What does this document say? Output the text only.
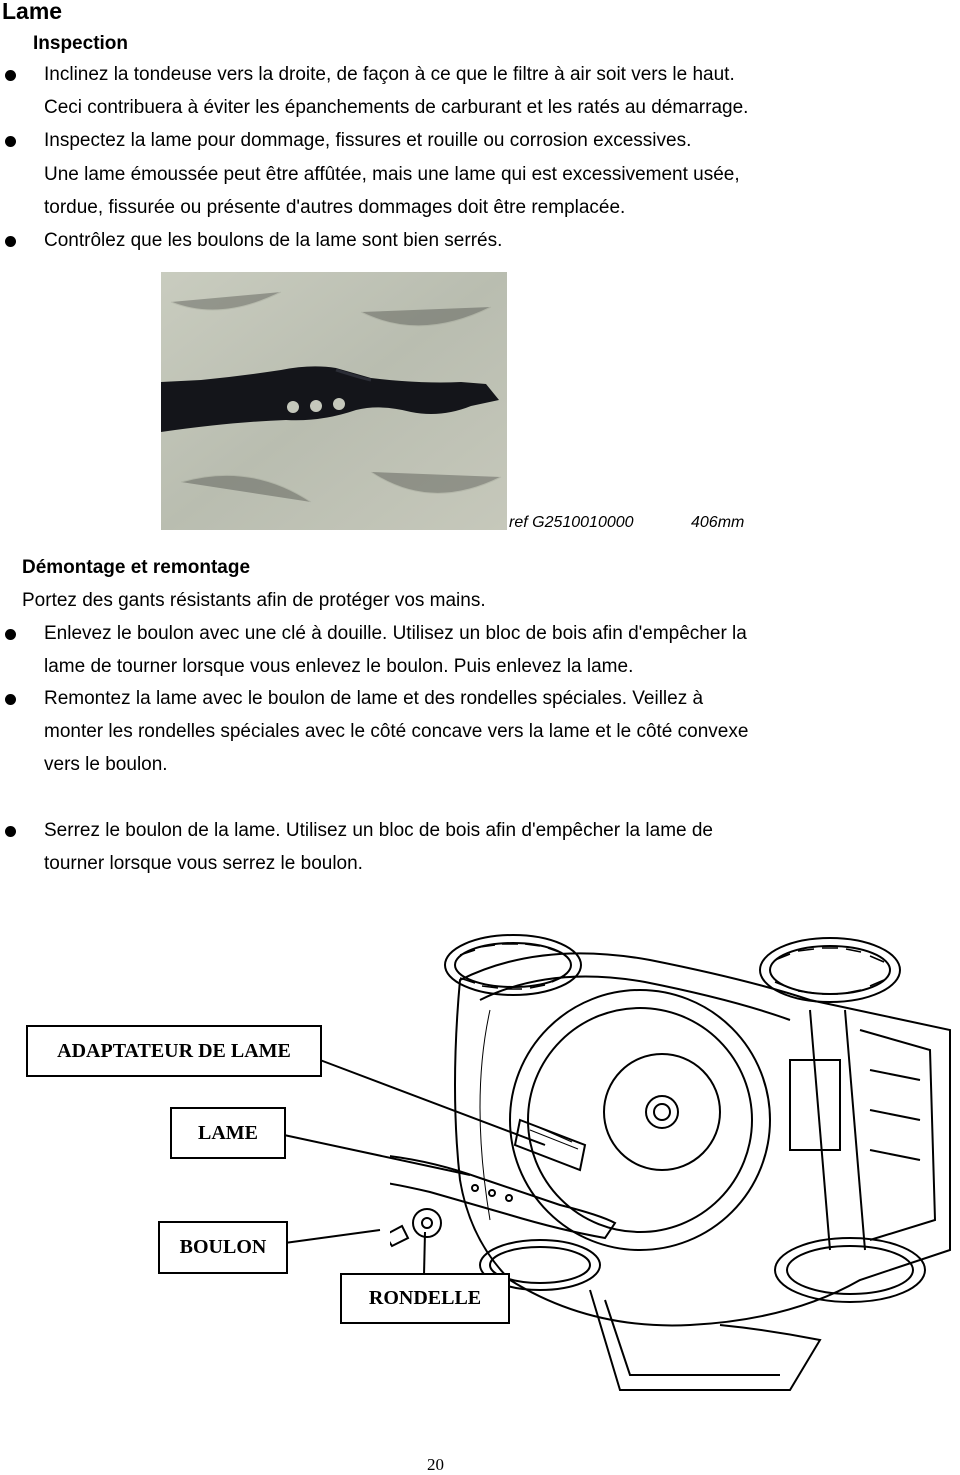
Lame
Inspection
Inclinez la tondeuse vers la droite, de façon à ce que le filtre à air soit vers le haut.
Ceci contribuera à éviter les épanchements de carburant et les ratés au démarrage.
Inspectez la lame pour dommage, fissures et rouille ou corrosion excessives.
Une lame émoussée peut être affûtée, mais une lame qui est excessivement usée,
tordue, fissurée ou présente d'autres dommages doit être remplacée.
Contrôlez que les boulons de la lame sont bien serrés.
ref G2510010000	406mm
Démontage et remontage
Portez des gants résistants afin de protéger vos mains.
Enlevez le boulon avec une clé à douille. Utilisez un bloc de bois afin d'empêcher la
lame de tourner lorsque vous enlevez le boulon. Puis enlevez la lame.
Remontez la lame avec le boulon de lame et des rondelles spéciales. Veillez à
monter les rondelles spéciales avec le côté concave vers la lame et le côté convexe
vers le boulon.
Serrez le boulon de la lame. Utilisez un bloc de bois afin d'empêcher la lame de
tourner lorsque vous serrez le boulon.
ADAPTATEUR DE LAME
LAME
BOULON
RONDELLE
20
